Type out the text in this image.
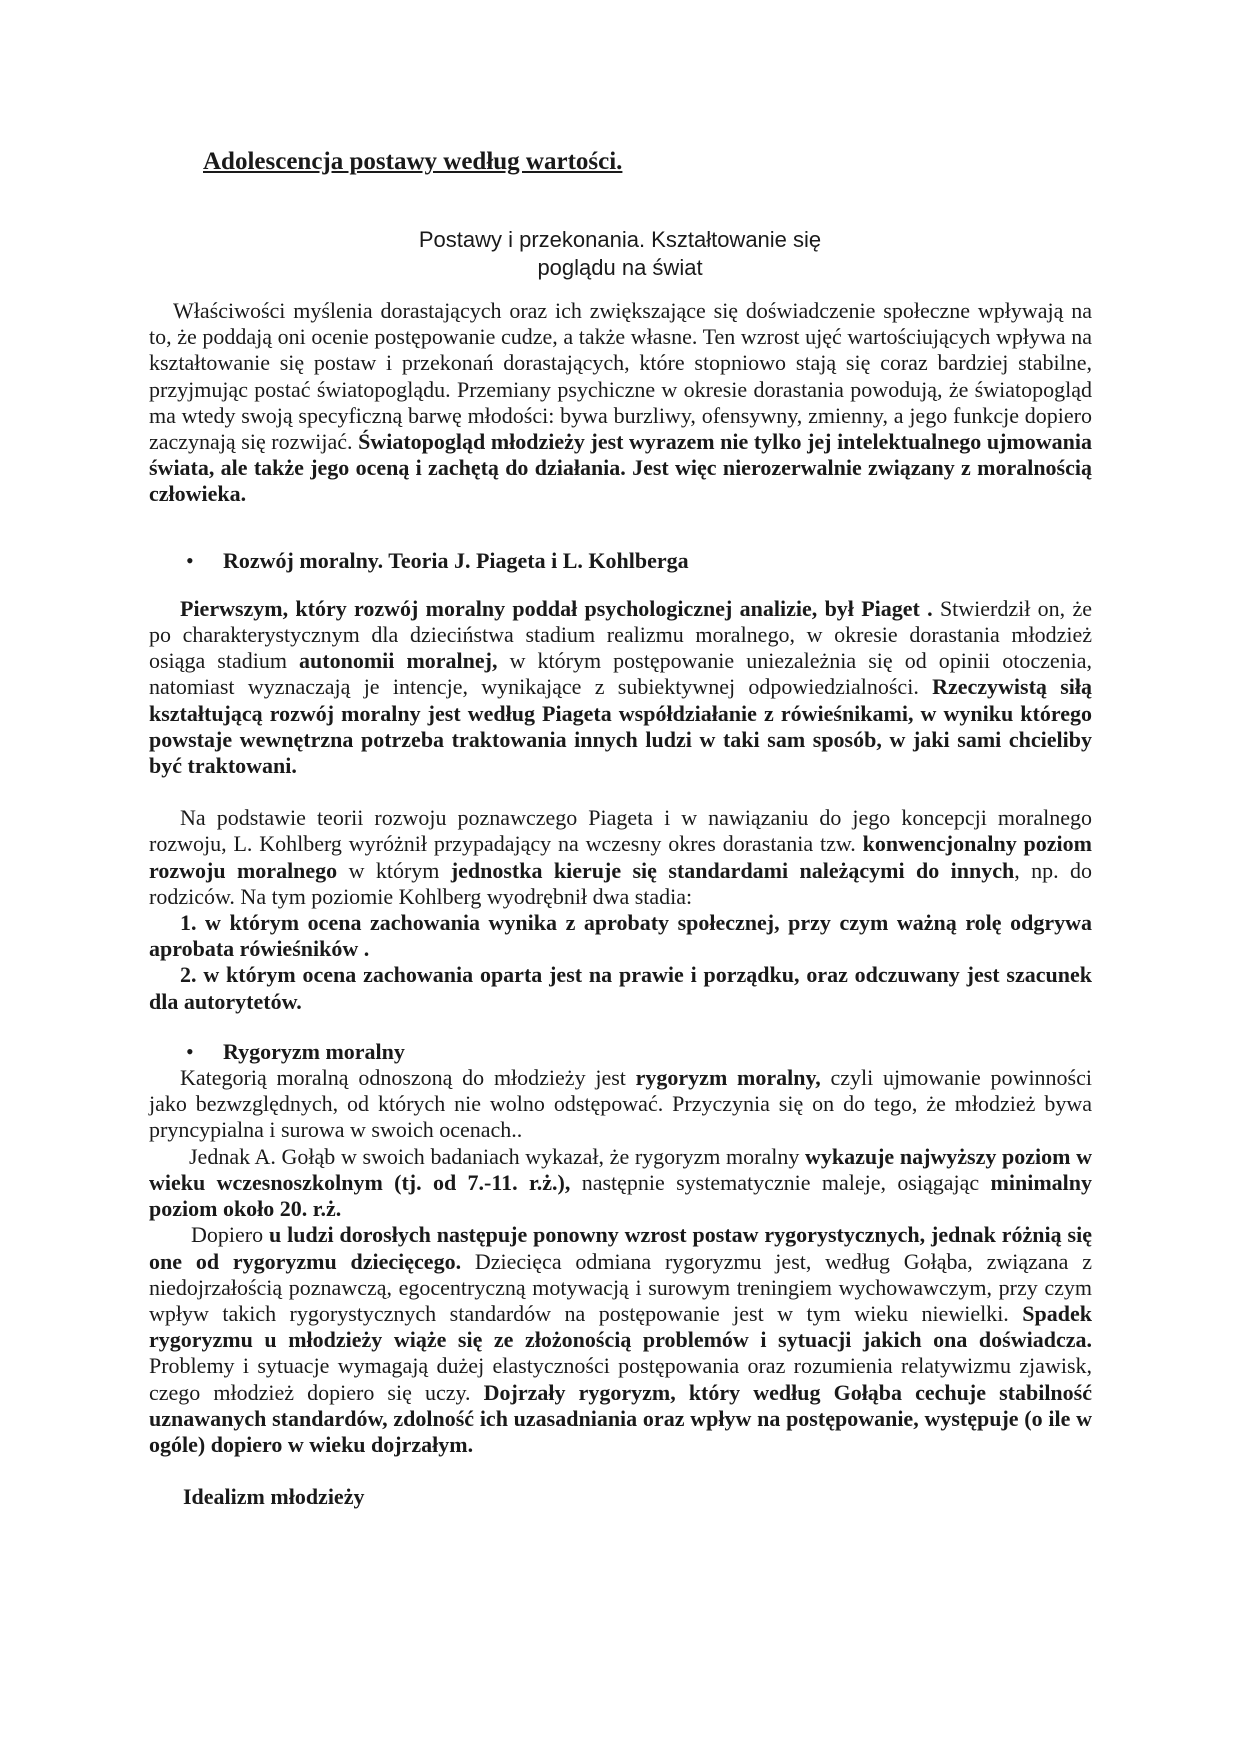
Adolescencja postawy według wartości.
Postawy i przekonania. Kształtowanie się
poglądu na świat

Właściwości myślenia dorastających oraz ich zwiększające się doświadczenie społeczne wpływają na to, że poddają oni ocenie postępowanie cudze, a także własne. Ten wzrost ujęć wartościujących wpływa na kształtowanie się postaw i przekonań dorastających, które stopniowo stają się coraz bardziej stabilne, przyjmując postać światopoglądu. Przemiany psychiczne w okresie dorastania powodują, że światopogląd ma wtedy swoją specyficzną barwę młodości: bywa burzliwy, ofensywny, zmienny, a jego funkcje dopiero zaczynają się rozwijać. Światopogląd młodzieży jest wyrazem nie tylko jej intelektualnego ujmowania świata, ale także jego oceną i zachętą do działania. Jest więc nierozerwalnie związany z moralnością człowieka.

• Rozwój moralny. Teoria J. Piageta i L. Kohlberga

Pierwszym, który rozwój moralny poddał psychologicznej analizie, był Piaget . Stwierdził on, że po charakterystycznym dla dzieciństwa stadium realizmu moralnego, w okresie dorastania młodzież osiąga stadium autonomii moralnej, w którym postępowanie uniezależnia się od opinii otoczenia, natomiast wyznaczają je intencje, wynikające z subiektywnej odpowiedzialności. Rzeczywistą siłą kształtującą rozwój moralny jest według Piageta współdziałanie z rówieśnikami, w wyniku którego powstaje wewnętrzna potrzeba traktowania innych ludzi w taki sam sposób, w jaki sami chcieliby być traktowani.

Na podstawie teorii rozwoju poznawczego Piageta i w nawiązaniu do jego koncepcji moralnego rozwoju, L. Kohlberg wyróżnił przypadający na wczesny okres dorastania tzw. konwencjonalny poziom rozwoju moralnego w którym jednostka kieruje się standardami należącymi do innych, np. do rodziców. Na tym poziomie Kohlberg wyodrębnił dwa stadia:

1. w którym ocena zachowania wynika z aprobaty społecznej, przy czym ważną rolę odgrywa aprobata rówieśników .

2. w którym ocena zachowania oparta jest na prawie i porządku, oraz odczuwany jest szacunek dla autorytetów.

• Rygoryzm moralny

Kategorią moralną odnoszoną do młodzieży jest rygoryzm moralny, czyli ujmowanie powinności jako bezwzględnych, od których nie wolno odstępować. Przyczynia się on do tego, że młodzież bywa pryncypialna i surowa w swoich ocenach..

Jednak A. Gołąb w swoich badaniach wykazał, że rygoryzm moralny wykazuje najwyższy poziom w wieku wczesnoszkolnym (tj. od 7.-11. r.ż.), następnie systematycznie maleje, osiągając minimalny poziom około 20. r.ż.

Dopiero u ludzi dorosłych następuje ponowny wzrost postaw rygorystycznych, jednak różnią się one od rygoryzmu dziecięcego. Dziecięca odmiana rygoryzmu jest, według Gołąba, związana z niedojrzałością poznawczą, egocentryczną motywacją i surowym treningiem wychowawczym, przy czym wpływ takich rygorystycznych standardów na postępowanie jest w tym wieku niewielki. Spadek rygoryzmu u młodzieży wiąże się ze złożonością problemów i sytuacji jakich ona doświadcza. Problemy i sytuacje wymagają dużej elastyczności postępowania oraz rozumienia relatywizmu zjawisk, czego młodzież dopiero się uczy. Dojrzały rygoryzm, który według Gołąba cechuje stabilność uznawanych standardów, zdolność ich uzasadniania oraz wpływ na postępowanie, występuje (o ile w ogóle) dopiero w wieku dojrzałym.

Idealizm młodzieży
